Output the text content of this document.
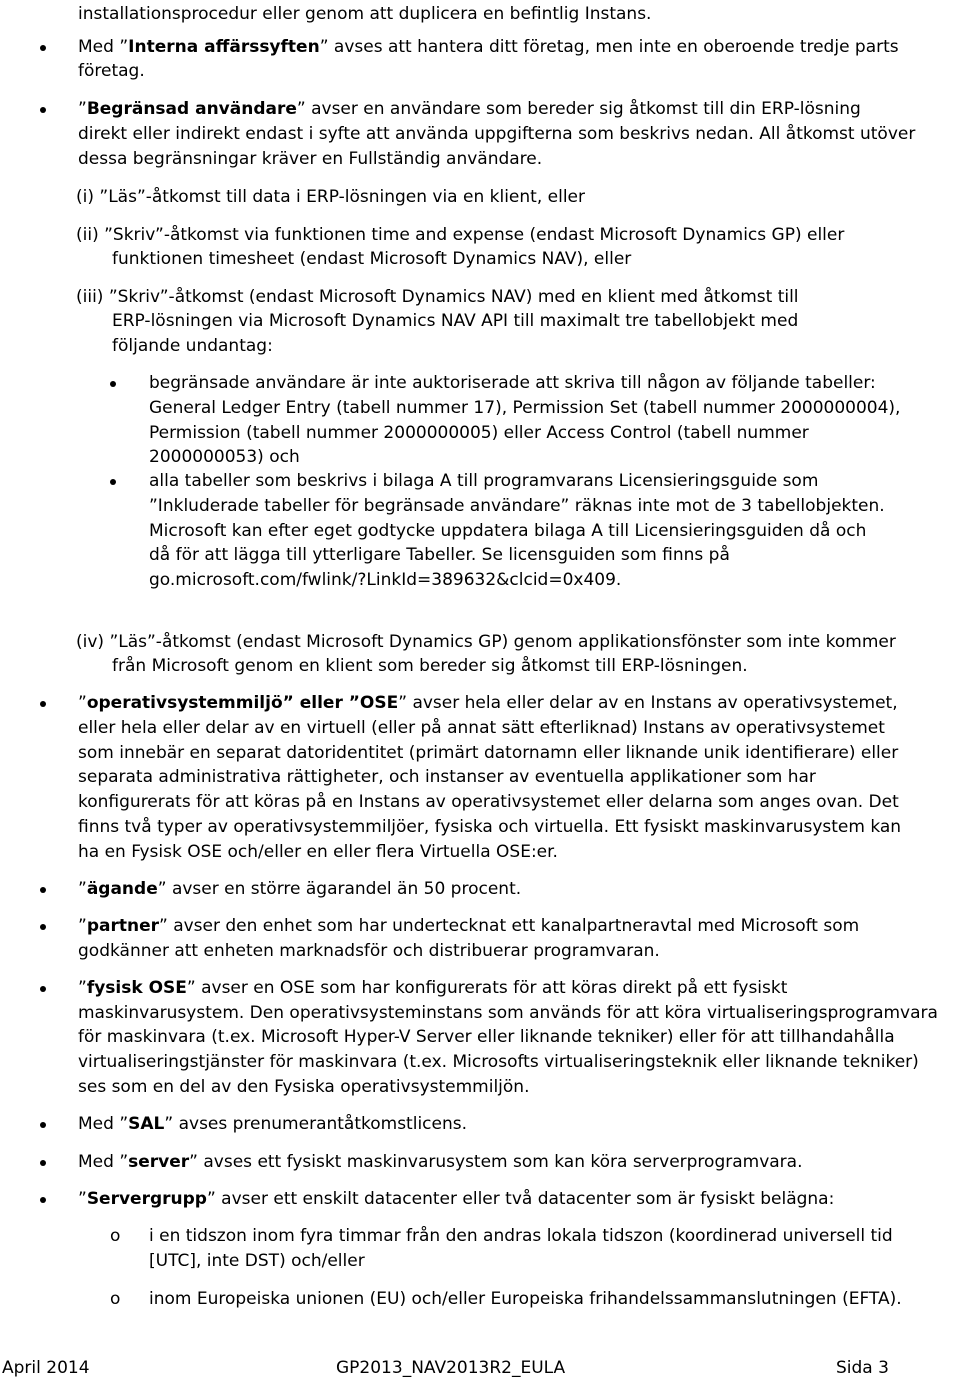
installationsprocedur eller genom att duplicera en befintlig Instans.
Med ”Interna affärssyften” avses att hantera ditt företag, men inte en oberoende tredje parts
företag.
”Begränsad användare” avser en användare som bereder sig åtkomst till din ERP-lösning
direkt eller indirekt endast i syfte att använda uppgifterna som beskrivs nedan. All åtkomst utöver
dessa begränsningar kräver en Fullständig användare.
(i) ”Läs”-åtkomst till data i ERP-lösningen via en klient, eller
(ii) ”Skriv”-åtkomst via funktionen time and expense (endast Microsoft Dynamics GP) eller
funktionen timesheet (endast Microsoft Dynamics NAV), eller
(iii) ”Skriv”-åtkomst (endast Microsoft Dynamics NAV) med en klient med åtkomst till
ERP-lösningen via Microsoft Dynamics NAV API till maximalt tre tabellobjekt med
följande undantag:
begränsade användare är inte auktoriserade att skriva till någon av följande tabeller:
General Ledger Entry (tabell nummer 17), Permission Set (tabell nummer 2000000004),
Permission (tabell nummer 2000000005) eller Access Control (tabell nummer
2000000053) och
alla tabeller som beskrivs i bilaga A till programvarans Licensieringsguide som
”Inkluderade tabeller för begränsade användare” räknas inte mot de 3 tabellobjekten.
Microsoft kan efter eget godtycke uppdatera bilaga A till Licensieringsguiden då och
då för att lägga till ytterligare Tabeller. Se licensguiden som finns på
go.microsoft.com/fwlink/?LinkId=389632&clcid=0x409.
(iv) ”Läs”-åtkomst (endast Microsoft Dynamics GP) genom applikationsfönster som inte kommer
från Microsoft genom en klient som bereder sig åtkomst till ERP-lösningen.
”operativsystemmiljö” eller ”OSE” avser hela eller delar av en Instans av operativsystemet,
eller hela eller delar av en virtuell (eller på annat sätt efterliknad) Instans av operativsystemet
som innebär en separat datoridentitet (primärt datornamn eller liknande unik identifierare) eller
separata administrativa rättigheter, och instanser av eventuella applikationer som har
konfigurerats för att köras på en Instans av operativsystemet eller delarna som anges ovan. Det
finns två typer av operativsystemmiljöer, fysiska och virtuella. Ett fysiskt maskinvarusystem kan
ha en Fysisk OSE och/eller en eller flera Virtuella OSE:er.
”ägande” avser en större ägarandel än 50 procent.
”partner” avser den enhet som har undertecknat ett kanalpartneravtal med Microsoft som
godkänner att enheten marknadsför och distribuerar programvaran.
”fysisk OSE” avser en OSE som har konfigurerats för att köras direkt på ett fysiskt
maskinvarusystem. Den operativsysteminstans som används för att köra virtualiseringsprogramvara
för maskinvara (t.ex. Microsoft Hyper-V Server eller liknande tekniker) eller för att tillhandahålla
virtualiseringstjänster för maskinvara (t.ex. Microsofts virtualiseringsteknik eller liknande tekniker)
ses som en del av den Fysiska operativsystemmiljön.
Med ”SAL” avses prenumerantåtkomstlicens.
Med ”server” avses ett fysiskt maskinvarusystem som kan köra serverprogramvara.
”Servergrupp” avser ett enskilt datacenter eller två datacenter som är fysiskt belägna:
o i en tidszon inom fyra timmar från den andras lokala tidszon (koordinerad universell tid
[UTC], inte DST) och/eller
o inom Europeiska unionen (EU) och/eller Europeiska frihandelssammanslutningen (EFTA).
April 2014	GP2013_NAV2013R2_EULA	Sida 3
